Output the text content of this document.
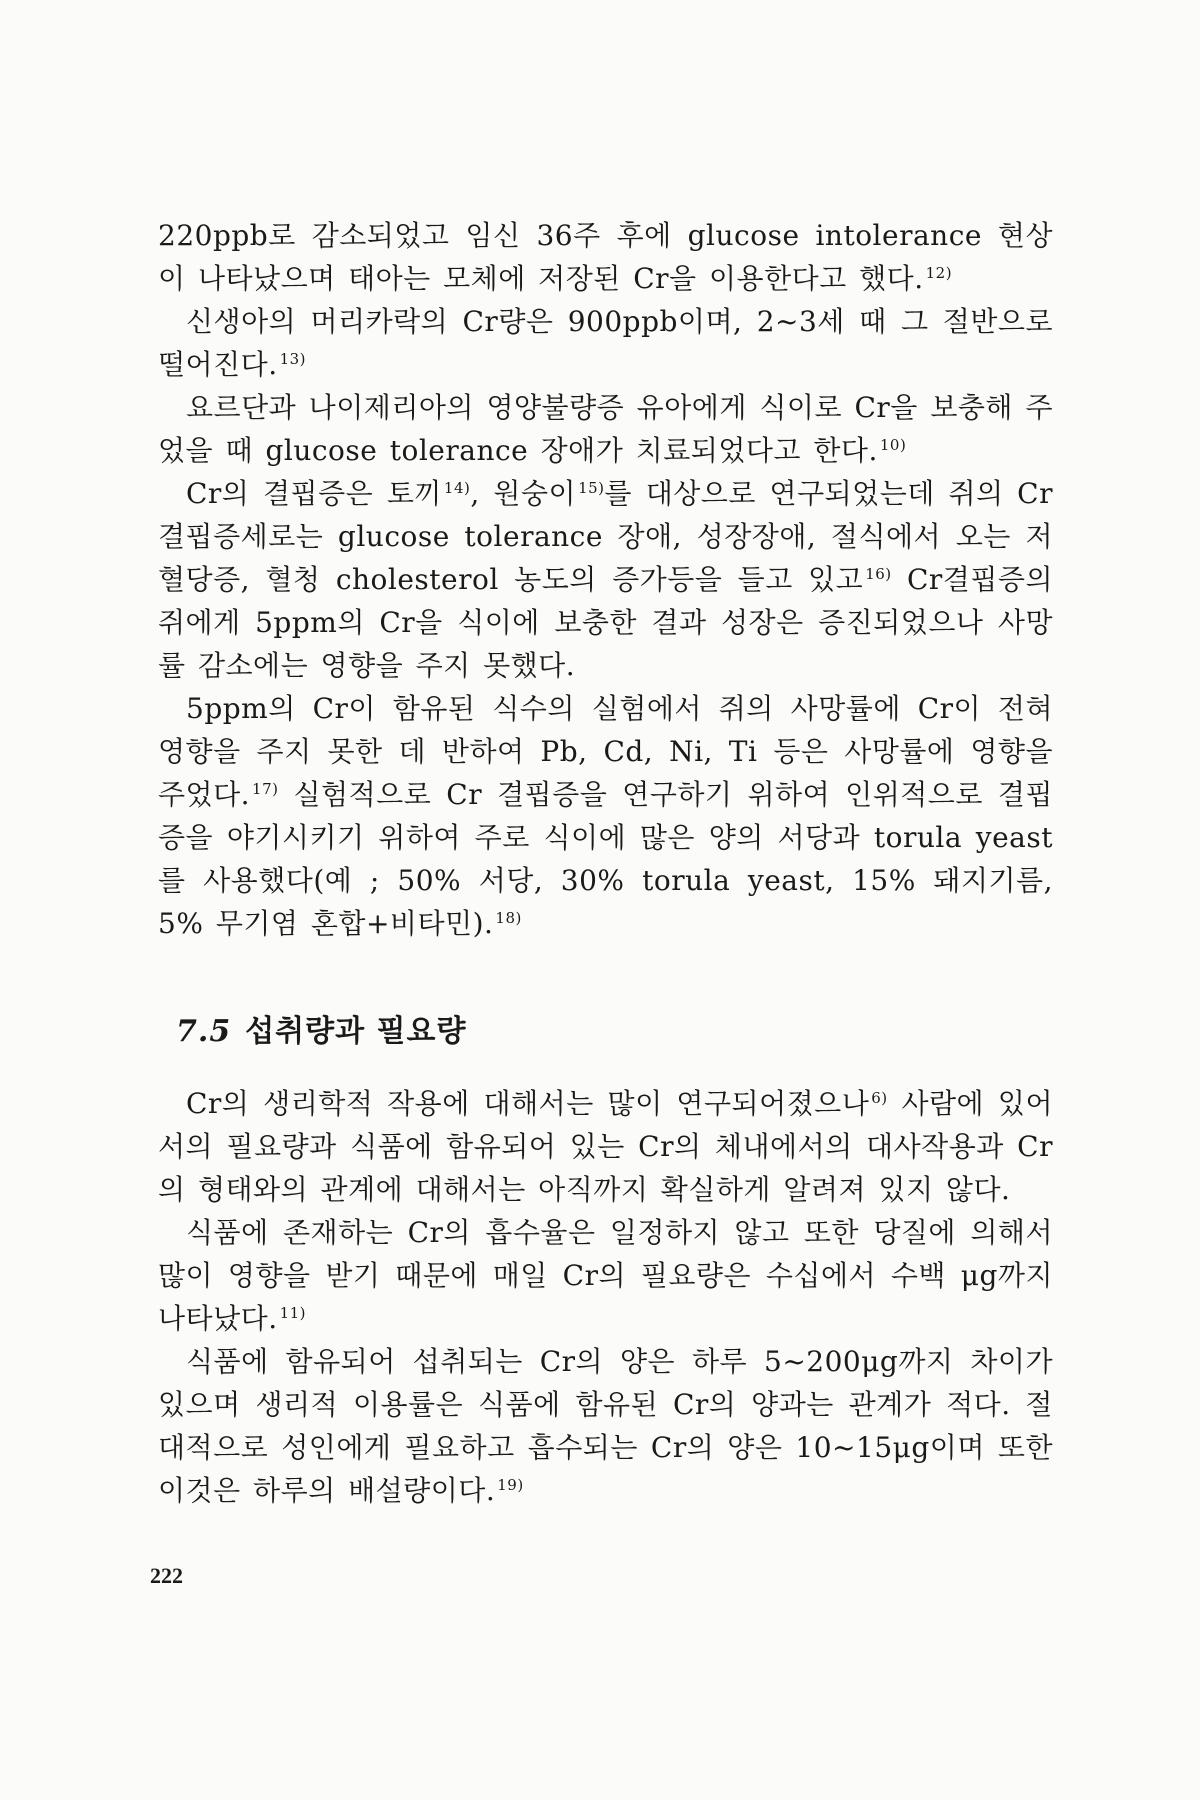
220ppb로 감소되었고 임신 36주 후에 glucose intolerance 현상이 나타났으며 태아는 모체에 저장된 Cr을 이용한다고 했다. $^{12)}$

신생아의 머리카락의 Cr량은 900ppb이며, 2~3세 때 그 절반으로 떨어진다. $^{13)}$

요르단과 나이제리아의 영양불량증 유아에게 식이로 Cr을 보충해 주었을 때 glucose tolerance 장애가 치료되었다고 한다. $^{10)}$

Cr의 결핍증은 토끼 $^{14)}$, 원숭이 $^{15)}$를 대상으로 연구되었는데 쥐의 Cr 결핍증세로는 glucose tolerance 장애, 성장장애, 절식에서 오는 저혈당증, 혈청 cholesterol 농도의 증가등을 들고 있고 $^{16)}$ Cr결핍증의 쥐에게 5ppm의 Cr을 식이에 보충한 결과 성장은 증진되었으나 사망률 감소에는 영향을 주지 못했다.

5ppm의 Cr이 함유된 식수의 실험에서 쥐의 사망률에 Cr이 전혀 영향을 주지 못한 데 반하여 Pb, Cd, Ni, Ti 등은 사망률에 영향을 주었다. $^{17)}$ 실험적으로 Cr 결핍증을 연구하기 위하여 인위적으로 결핍증을 야기시키기 위하여 주로 식이에 많은 양의 서당과 torula yeast를 사용했다(예 ; 50% 서당, 30% torula yeast, 15% 돼지기름, 5% 무기염 혼합+비타민). $^{18)}$

7.5 섭취량과 필요량

Cr의 생리학적 작용에 대해서는 많이 연구되어졌으나 $^{6)}$ 사람에 있어서의 필요량과 식품에 함유되어 있는 Cr의 체내에서의 대사작용과 Cr의 형태와의 관계에 대해서는 아직까지 확실하게 알려져 있지 않다.

식품에 존재하는 Cr의 흡수율은 일정하지 않고 또한 당질에 의해서 많이 영향을 받기 때문에 매일 Cr의 필요량은 수십에서 수백 μg까지 나타났다. $^{11)}$

식품에 함유되어 섭취되는 Cr의 양은 하루 5~200μg까지 차이가 있으며 생리적 이용률은 식품에 함유된 Cr의 양과는 관계가 적다. 절대적으로 성인에게 필요하고 흡수되는 Cr의 양은 10~15μg이며 또한 이것은 하루의 배설량이다. $^{19)}$

222
